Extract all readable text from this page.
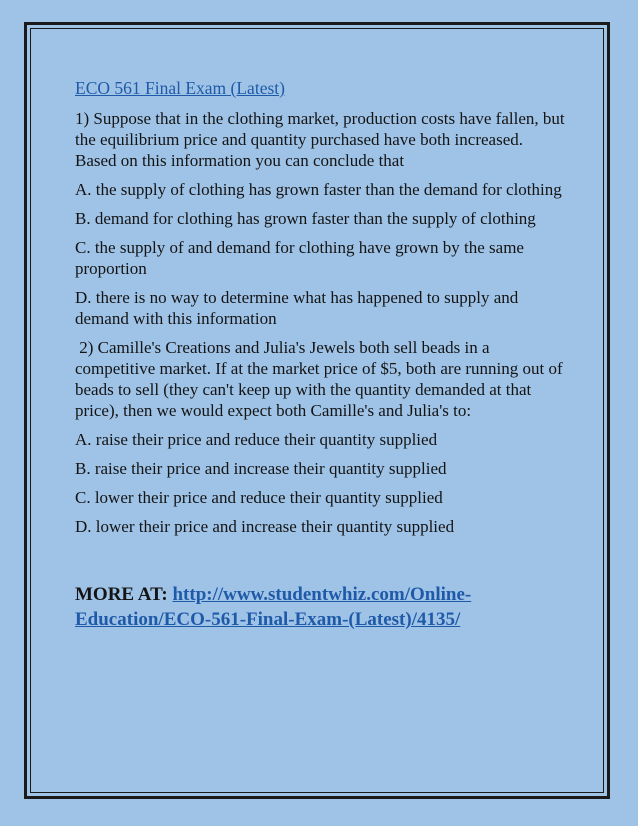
ECO 561 Final Exam (Latest)

1) Suppose that in the clothing market, production costs have fallen, but the equilibrium price and quantity purchased have both increased. Based on this information you can conclude that

A. the supply of clothing has grown faster than the demand for clothing

B. demand for clothing has grown faster than the supply of clothing

C. the supply of and demand for clothing have grown by the same proportion

D. there is no way to determine what has happened to supply and demand with this information

2) Camille's Creations and Julia's Jewels both sell beads in a competitive market. If at the market price of $5, both are running out of beads to sell (they can't keep up with the quantity demanded at that price), then we would expect both Camille's and Julia's to:

A. raise their price and reduce their quantity supplied

B. raise their price and increase their quantity supplied

C. lower their price and reduce their quantity supplied

D. lower their price and increase their quantity supplied

MORE AT: http://www.studentwhiz.com/Online-Education/ECO-561-Final-Exam-(Latest)/4135/
